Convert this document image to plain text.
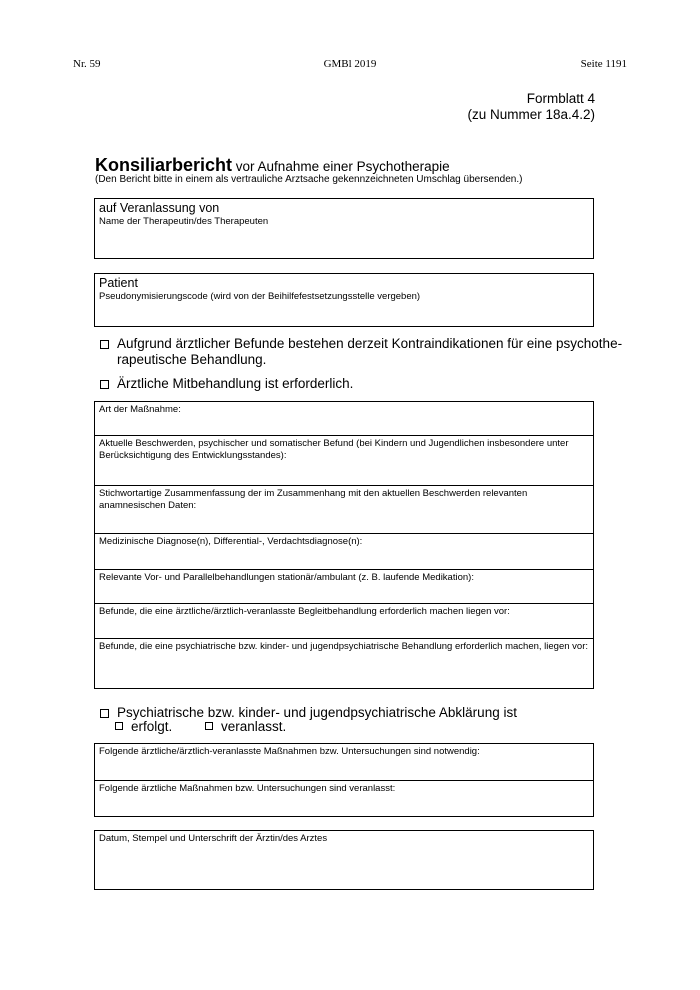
Nr. 59	GMBl 2019	Seite 1191
Formblatt 4
(zu Nummer 18a.4.2)
Konsiliarbericht vor Aufnahme einer Psychotherapie
(Den Bericht bitte in einem als vertrauliche Arztsache gekennzeichneten Umschlag übersenden.)
auf Veranlassung von
Name der Therapeutin/des Therapeuten
Patient
Pseudonymisierungscode (wird von der Beihilfefestsetzungsstelle vergeben)
Aufgrund ärztlicher Befunde bestehen derzeit Kontraindikationen für eine psychothe-
rapeutische Behandlung.
Ärztliche Mitbehandlung ist erforderlich.
Art der Maßnahme:
Aktuelle Beschwerden, psychischer und somatischer Befund (bei Kindern und Jugendlichen insbesondere unter Berücksichtigung des Entwicklungsstandes):
Stichwortartige Zusammenfassung der im Zusammenhang mit den aktuellen Beschwerden relevanten anamnesischen Daten:
Medizinische Diagnose(n), Differential-, Verdachtsdiagnose(n):
Relevante Vor- und Parallelbehandlungen stationär/ambulant (z. B. laufende Medikation):
Befunde, die eine ärztliche/ärztlich-veranlasste Begleitbehandlung erforderlich machen liegen vor:
Befunde, die eine psychiatrische bzw. kinder- und jugendpsychiatrische Behandlung erforderlich machen, liegen vor:
Psychiatrische bzw. kinder- und jugendpsychiatrische Abklärung ist
erfolgt.	veranlasst.
Folgende ärztliche/ärztlich-veranlasste Maßnahmen bzw. Untersuchungen sind notwendig:
Folgende ärztliche Maßnahmen bzw. Untersuchungen sind veranlasst:
Datum, Stempel und Unterschrift der Ärztin/des Arztes
